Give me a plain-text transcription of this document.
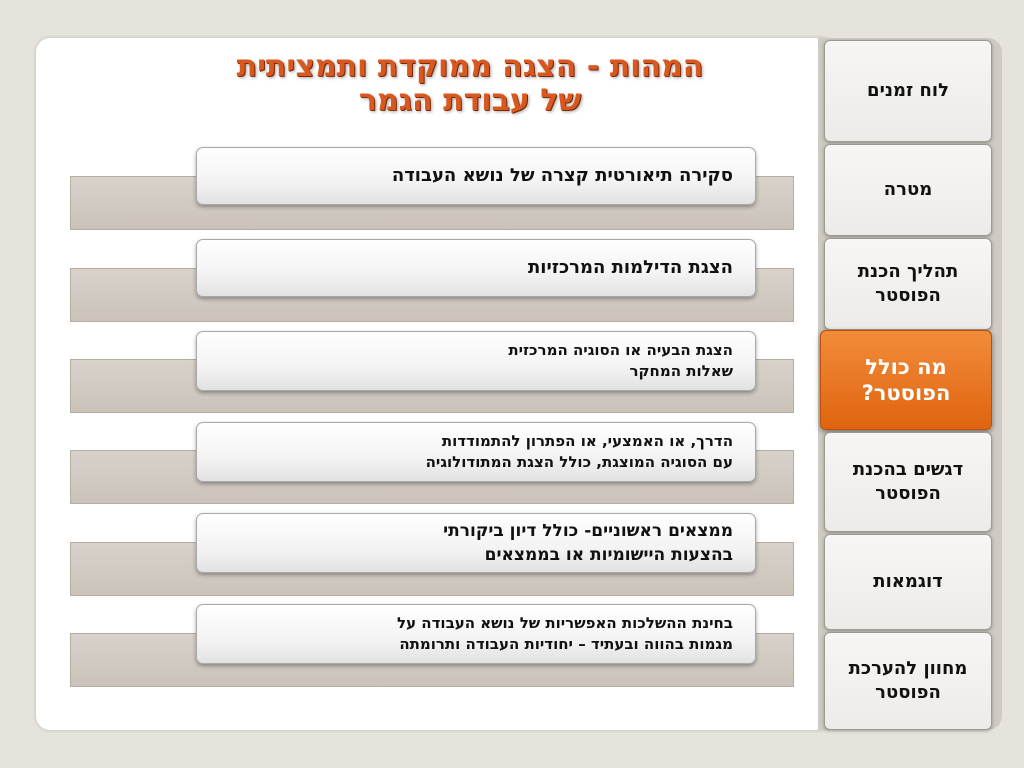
המהות - הצגה ממוקדת ותמציתית
של עבודת הגמר
סקירה תיאורטית קצרה של נושא העבודה
הצגת הדילמות המרכזיות
הצגת הבעיה או הסוגיה המרכזית
שאלות המחקר
הדרך, או האמצעי, או הפתרון להתמודדות
עם הסוגיה המוצגת, כולל הצגת המתודולוגיה
ממצאים ראשוניים- כולל דיון ביקורתי
בהצעות היישומיות או בממצאים
בחינת ההשלכות האפשריות של נושא העבודה על
מגמות בהווה ובעתיד – יחודיות העבודה ותרומתה
לוח זמנים
מטרה
תהליך הכנת הפוסטר
מה כולל הפוסטר?
דגשים בהכנת הפוסטר
דוגמאות
מחוון להערכת הפוסטר
